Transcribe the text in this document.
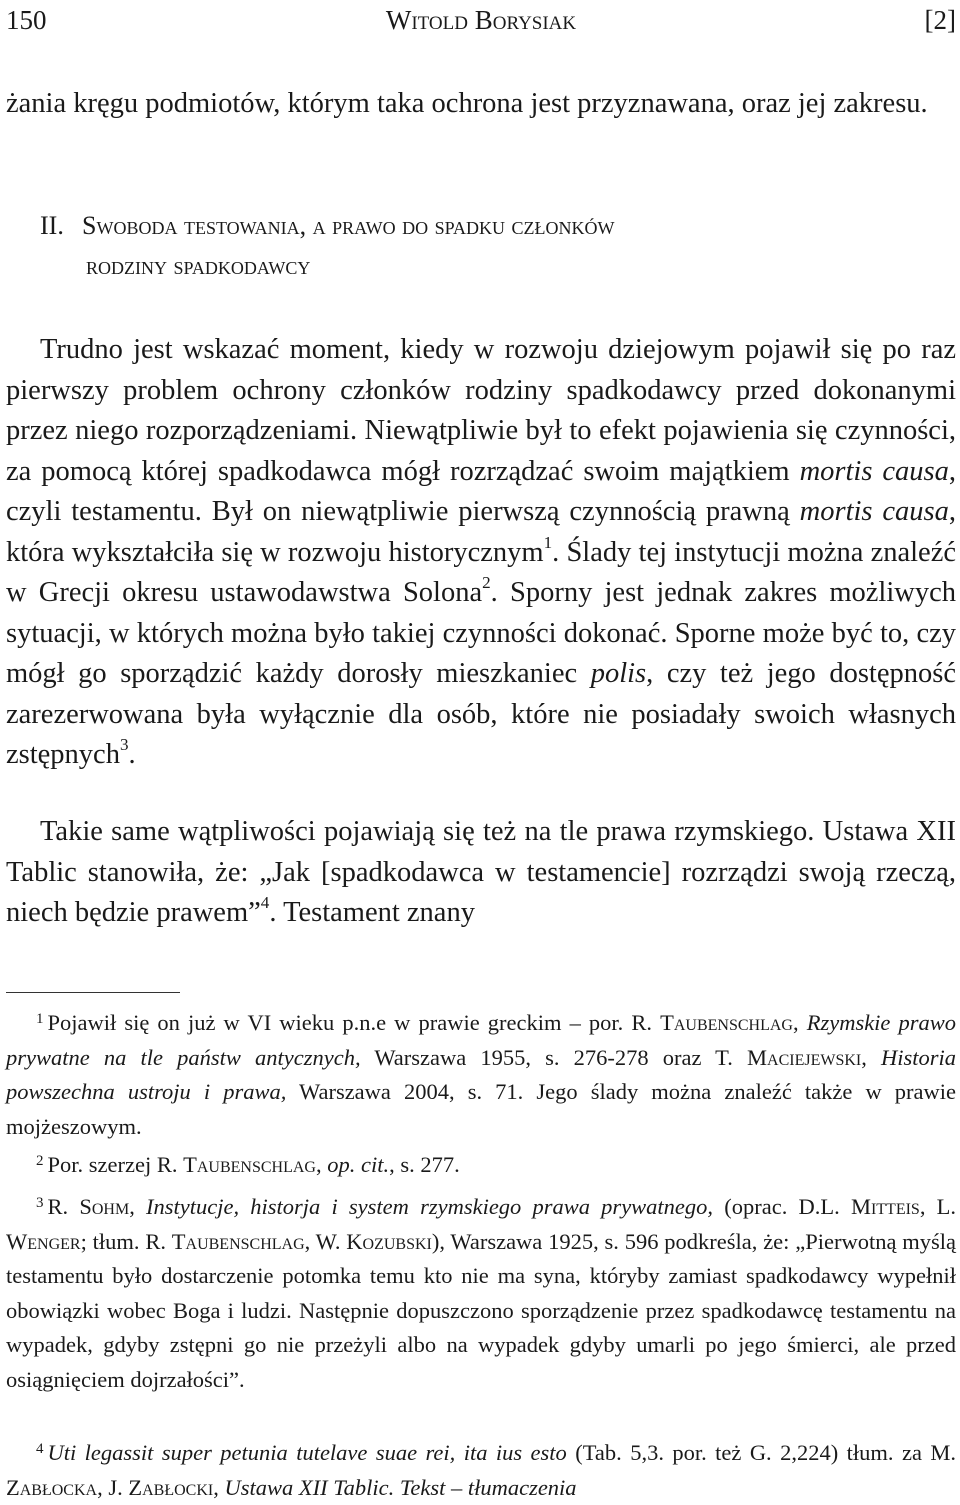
150	Witold Borysiak	[2]

żania kręgu podmiotów, którym taka ochrona jest przyznawana, oraz jej zakresu.

II. Swoboda testowania, a prawo do spadku członków
rodziny spadkodawcy

Trudno jest wskazać moment, kiedy w rozwoju dziejowym pojawił się po raz pierwszy problem ochrony członków rodziny spadkodawcy przed dokonanymi przez niego rozporządzeniami. Niewątpliwie był to efekt pojawienia się czynności, za pomocą której spadkodawca mógł rozrządzać swoim majątkiem mortis causa, czyli testamentu. Był on niewątpliwie pierwszą czynnością prawną mortis causa, która wykształciła się w rozwoju historycznym$^1$. Ślady tej instytucji można znaleźć w Grecji okresu ustawodawstwa Solona$^2$. Sporny jest jednak zakres możliwych sytuacji, w których można było takiej czynności dokonać. Sporne może być to, czy mógł go sporządzić każdy dorosły mieszkaniec polis, czy też jego dostępność zarezerwowana była wyłącznie dla osób, które nie posiadały swoich własnych zstępnych$^3$.

Takie same wątpliwości pojawiają się też na tle prawa rzymskiego. Ustawa XII Tablic stanowiła, że: „Jak [spadkodawca w testamencie] rozrządzi swoją rzeczą, niech będzie prawem”$^4$. Testament znany

$^1$ Pojawił się on już w VI wieku p.n.e w prawie greckim – por. R. Taubenschlag, Rzymskie prawo prywatne na tle państw antycznych, Warszawa 1955, s. 276-278 oraz T. Maciejewski, Historia powszechna ustroju i prawa, Warszawa 2004, s. 71. Jego ślady można znaleźć także w prawie mojżeszowym.

$^2$ Por. szerzej R. Taubenschlag, op. cit., s. 277.

$^3$ R. Sohm, Instytucje, historja i system rzymskiego prawa prywatnego, (oprac. D.L. Mitteis, L. Wenger; tłum. R. Taubenschlag, W. Kozubski), Warszawa 1925, s. 596 podkreśla, że: „Pierwotną myślą testamentu było dostarczenie potomka temu kto nie ma syna, któryby zamiast spadkodawcy wypełnił obowiązki wobec Boga i ludzi. Następnie dopuszczono sporządzenie przez spadkodawcę testamentu na wypadek, gdyby zstępni go nie przeżyli albo na wypadek gdyby umarli po jego śmierci, ale przed osiągnięciem dojrzałości”.

$^4$ Uti legassit super petunia tutelave suae rei, ita ius esto (Tab. 5,3. por. też G. 2,224) tłum. za M. Zabłocka, J. Zabłocki, Ustawa XII Tablic. Tekst – tłumaczenia
